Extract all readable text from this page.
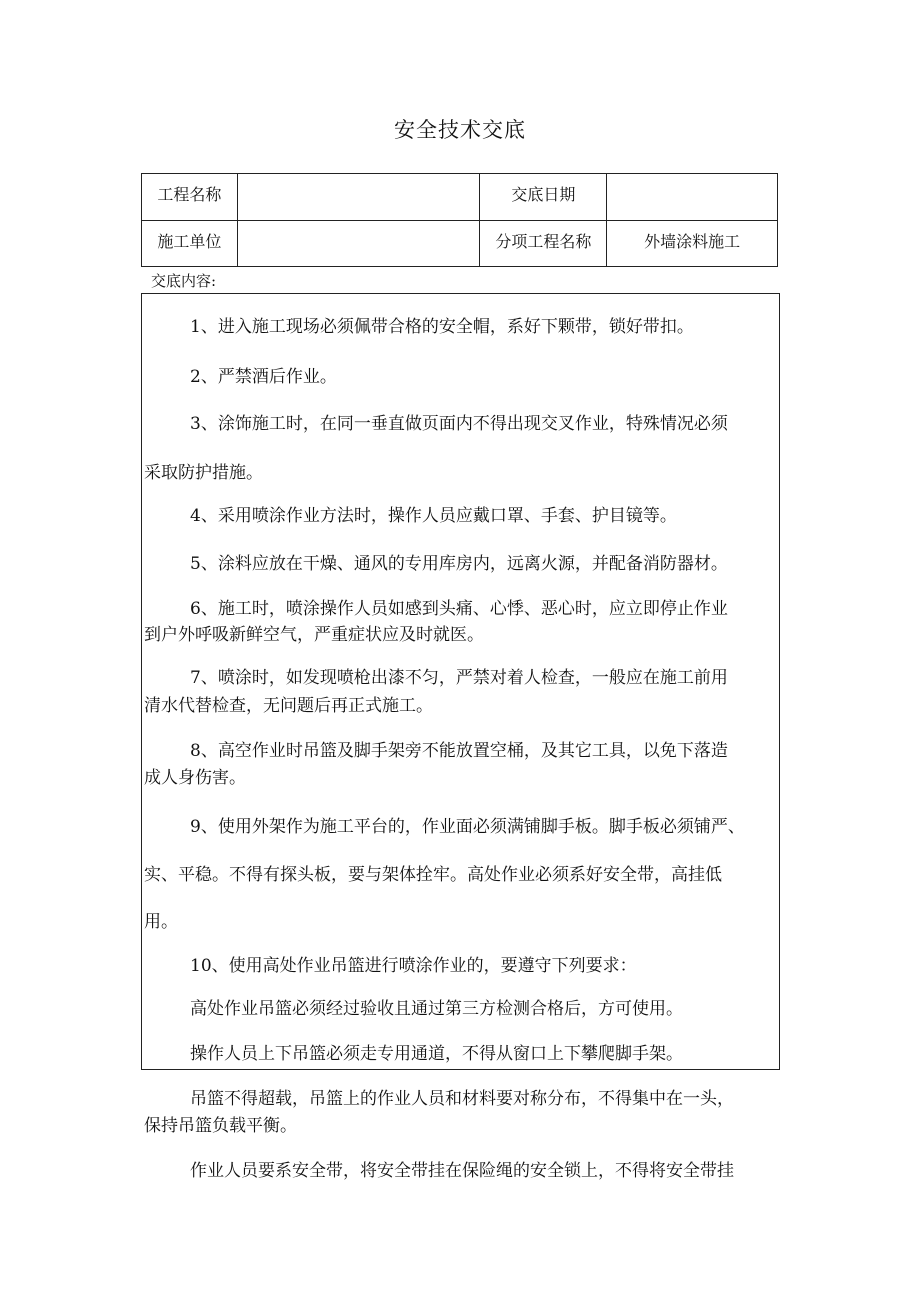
安全技术交底
工程名称		交底日期	
施工单位		分项工程名称	外墙涂料施工
交底内容:
1、进入施工现场必须佩带合格的安全帽，系好下颗带，锁好带扣。
2、严禁酒后作业。
3、涂饰施工时，在同一垂直做页面内不得出现交叉作业，特殊情况必须
采取防护措施。
4、采用喷涂作业方法时，操作人员应戴口罩、手套、护目镜等。
5、涂料应放在干燥、通风的专用库房内，远离火源，并配备消防器材。
6、施工时，喷涂操作人员如感到头痛、心悸、恶心时，应立即停止作业
到户外呼吸新鲜空气，严重症状应及时就医。
7、喷涂时，如发现喷枪出漆不匀，严禁对着人检查，一般应在施工前用
清水代替检查，无问题后再正式施工。
8、高空作业时吊篮及脚手架旁不能放置空桶，及其它工具，以免下落造
成人身伤害。
9、使用外架作为施工平台的，作业面必须满铺脚手板。脚手板必须铺严、
实、平稳。不得有探头板，要与架体拴牢。高处作业必须系好安全带，高挂低
用。
10、使用高处作业吊篮进行喷涂作业的，要遵守下列要求：
高处作业吊篮必须经过验收且通过第三方检测合格后，方可使用。
操作人员上下吊篮必须走专用通道，不得从窗口上下攀爬脚手架。
吊篮不得超载，吊篮上的作业人员和材料要对称分布，不得集中在一头，
保持吊篮负载平衡。
作业人员要系安全带，将安全带挂在保险绳的安全锁上，不得将安全带挂
